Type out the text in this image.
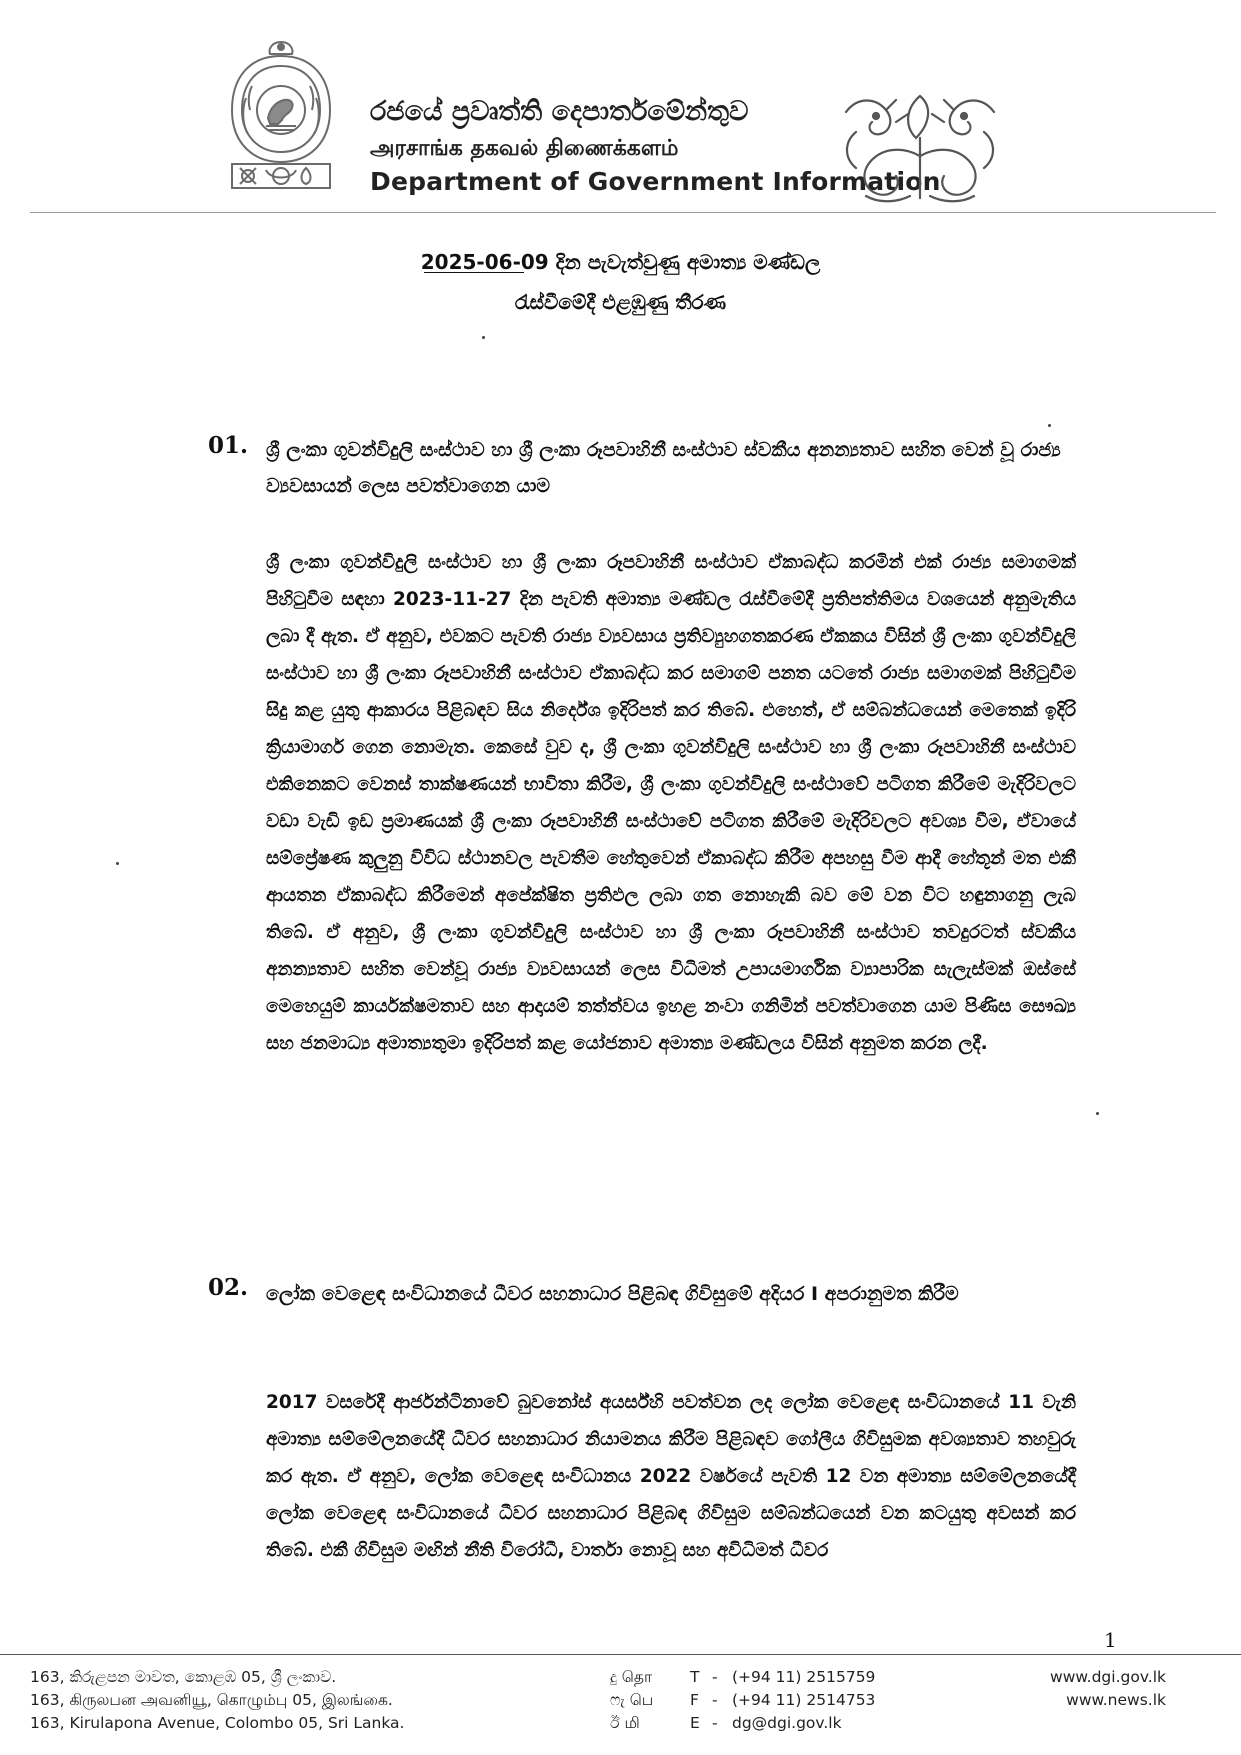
රජයේ ප්‍රවෘත්ති දෙපාර්තමේන්තුව
அரசாங்க தகவல் திணைக்களம்
Department of Government Information
2025-06-09 දින පැවැත්වුණු අමාත්‍ය මණ්ඩල
රැස්වීමේදී එළඹුණු තීරණ
01. ශ්‍රී ලංකා ගුවන්විදුලි සංස්ථාව හා ශ්‍රී ලංකා රූපවාහිනී සංස්ථාව ස්වකීය අනන්‍යතාව සහිත වෙන් වූ රාජ්‍ය ව්‍යවසායන් ලෙස පවත්වාගෙන යාම
ශ්‍රී ලංකා ගුවන්විදුලි සංස්ථාව හා ශ්‍රී ලංකා රූපවාහිනී සංස්ථාව ඒකාබද්ධ කරමින් එක් රාජ්‍ය සමාගමක් පිහිටුවීම සඳහා 2023-11-27 දින පැවති අමාත්‍ය මණ්ඩල රැස්වීමේදී ප්‍රතිපත්තිමය වශයෙන් අනුමැතිය ලබා දී ඇත. ඒ අනුව, එවකට පැවති රාජ්‍ය ව්‍යවසාය ප්‍රතිව්‍යුහගතකරණ ඒකකය විසින් ශ්‍රී ලංකා ගුවන්විදුලි සංස්ථාව හා ශ්‍රී ලංකා රූපවාහිනී සංස්ථාව ඒකාබද්ධ කර සමාගම් පනත යටතේ රාජ්‍ය සමාගමක් පිහිටුවීම සිදු කළ යුතු ආකාරය පිළිබඳව සිය නිර්දේශ ඉදිරිපත් කර තිබේ. එහෙත්, ඒ සම්බන්ධයෙන් මෙතෙක් ඉදිරි ක්‍රියාමාර්ග ගෙන නොමැත. කෙසේ වුව ද, ශ්‍රී ලංකා ගුවන්විදුලි සංස්ථාව හා ශ්‍රී ලංකා රූපවාහිනී සංස්ථාව එකිනෙකට වෙනස් තාක්ෂණයන් භාවිතා කිරීම, ශ්‍රී ලංකා ගුවන්විදුලි සංස්ථාවේ පටිගත කිරීමේ මැදිරිවලට වඩා වැඩි ඉඩ ප්‍රමාණයක් ශ්‍රී ලංකා රූපවාහිනී සංස්ථාවේ පටිගත කිරීමේ මැදිරිවලට අවශ්‍ය වීම, ඒවායේ සම්ප්‍රේෂණ කුලුනු විවිධ ස්ථානවල පැවතීම හේතුවෙන් ඒකාබද්ධ කිරීම අපහසු වීම ආදී හේතූන් මත එකී ආයතන ඒකාබද්ධ කිරීමෙන් අපේක්ෂිත ප්‍රතිඵල ලබා ගත නොහැකි බව මේ වන විට හඳුනාගනු ලැබ තිබේ. ඒ අනුව, ශ්‍රී ලංකා ගුවන්විදුලි සංස්ථාව හා ශ්‍රී ලංකා රූපවාහිනී සංස්ථාව තවදුරටත් ස්වකීය අනන්‍යතාව සහිත වෙන්වූ රාජ්‍ය ව්‍යවසායන් ලෙස විධිමත් උපායමාර්ගික ව්‍යාපාරික සැලැස්මක් ඔස්සේ මෙහෙයුම් කාර්යක්ෂමතාව සහ ආදායම් තත්ත්වය ඉහළ නංවා ගනිමින් පවත්වාගෙන යාම පිණිස සෞඛ්‍ය සහ ජනමාධ්‍ය අමාත්‍යතුමා ඉදිරිපත් කළ යෝජනාව අමාත්‍ය මණ්ඩලය විසින් අනුමත කරන ලදී.
02. ලෝක වෙළෙඳ සංවිධානයේ ධීවර සහනාධාර පිළිබඳ ගිවිසුමේ අදියර I අපරානුමත කිරීම
2017 වසරේදී ආර්ජන්ටිනාවේ බුවනෝස් අයර්ස්හි පවත්වන ලද ලෝක වෙළෙඳ සංවිධානයේ 11 වැනි අමාත්‍ය සම්මේලනයේදී ධීවර සහනාධාර නියාමනය කිරීම පිළිබඳව ගෝලීය ගිවිසුමක අවශ්‍යතාව තහවුරු කර ඇත. ඒ අනුව, ලෝක වෙළෙඳ සංවිධානය 2022 වර්ෂයේ පැවති 12 වන අමාත්‍ය සම්මේලනයේදී ලෝක වෙළෙඳ සංවිධානයේ ධීවර සහනාධාර පිළිබඳ ගිවිසුම සම්බන්ධයෙන් වන කටයුතු අවසන් කර තිබේ. එකී ගිවිසුම මඟින් නීති විරෝධී, වාර්තා නොවූ සහ අවිධිමත් ධීවර
1
163, කිරුළපන මාවත, කොළඹ 05, ශ්‍රී ලංකාව.
163, கிருலபன அவனியூ, கொழும்பு 05, இலங்கை.
163, Kirulapona Avenue, Colombo 05, Sri Lanka.
දු தொ T - (+94 11) 2515759
ෆැ பெ F - (+94 11) 2514753
ඊ மி	E - dg@dgi.gov.lk
www.dgi.gov.lk
www.news.lk
